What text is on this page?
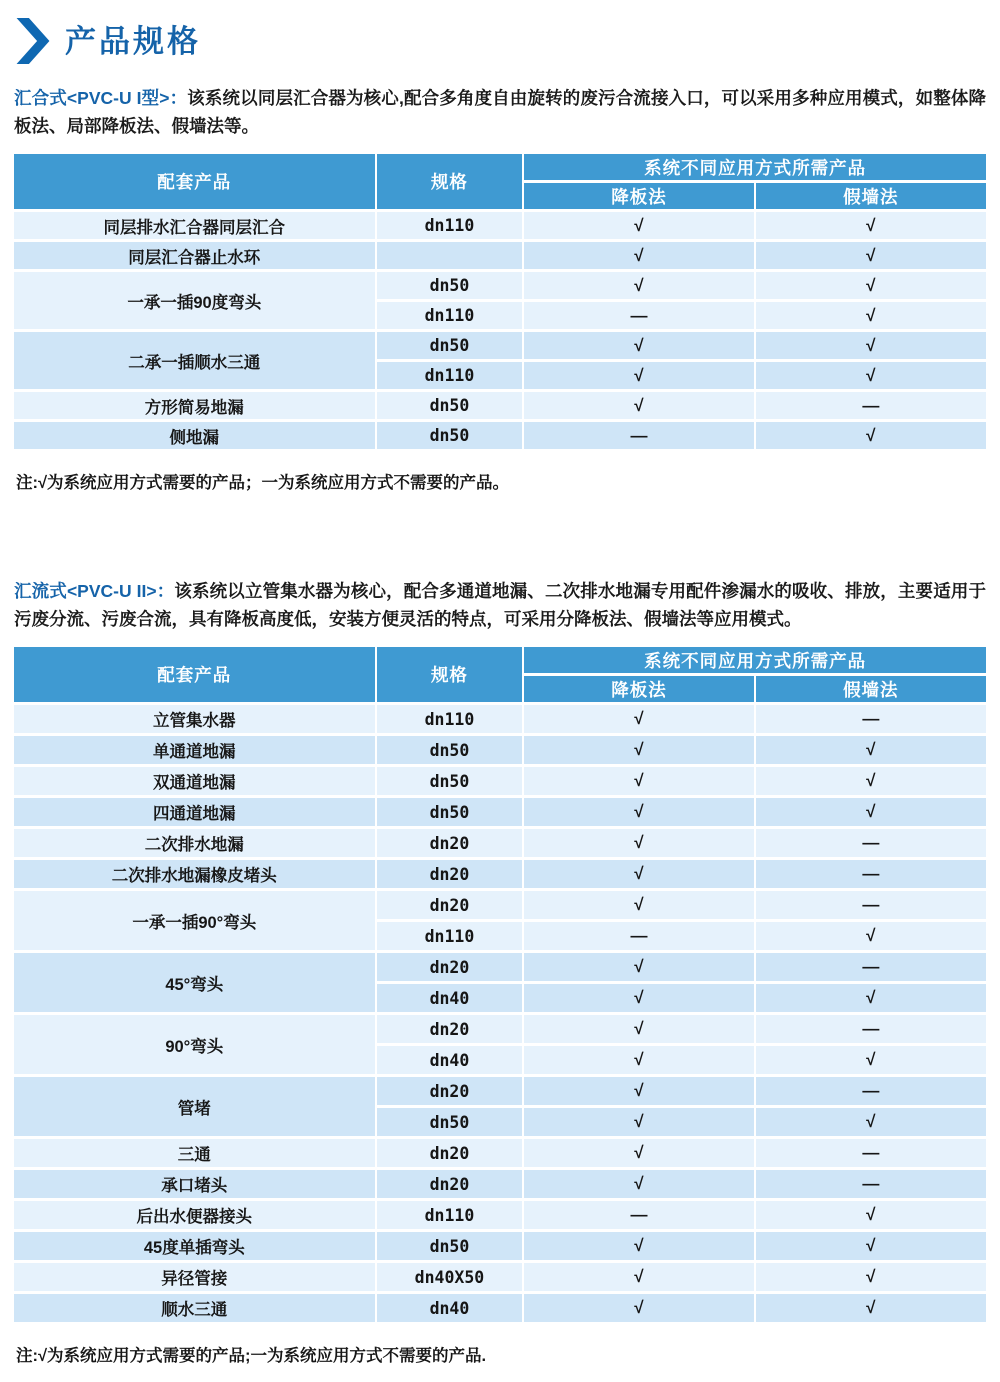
产品规格

汇合式<PVC-U I型>：该系统以同层汇合器为核心,配合多角度自由旋转的废污合流接入口，可以采用多种应用模式，如整体降板法、局部降板法、假墙法等。

配套产品	规格	系统不同应用方式所需产品	
		降板法	假墙法
同层排水汇合器同层汇合	dn110	√	√
同层汇合器止水环		√	√
一承一插90度弯头	dn50	√	√
	dn110	—	√
二承一插顺水三通	dn50	√	√
	dn110	√	√
方形简易地漏	dn50	√	—
侧地漏	dn50	—	√

注:√为系统应用方式需要的产品；一为系统应用方式不需要的产品。

汇流式<PVC-U II>：该系统以立管集水器为核心，配合多通道地漏、二次排水地漏专用配件渗漏水的吸收、排放，主要适用于污废分流、污废合流，具有降板高度低，安装方便灵活的特点，可采用分降板法、假墙法等应用模式。

配套产品	规格	系统不同应用方式所需产品	
		降板法	假墙法
立管集水器	dn110	√	—
单通道地漏	dn50	√	√
双通道地漏	dn50	√	√
四通道地漏	dn50	√	√
二次排水地漏	dn20	√	—
二次排水地漏橡皮堵头	dn20	√	—
一承一插90°弯头	dn20	√	—
	dn110	—	√
45°弯头	dn20	√	—
	dn40	√	√
90°弯头	dn20	√	—
	dn40	√	√
管堵	dn20	√	—
	dn50	√	√
三通	dn20	√	—
承口堵头	dn20	√	—
后出水便器接头	dn110	—	√
45度单插弯头	dn50	√	√
异径管接	dn40X50	√	√
顺水三通	dn40	√	√

注:√为系统应用方式需要的产品;一为系统应用方式不需要的产品.
